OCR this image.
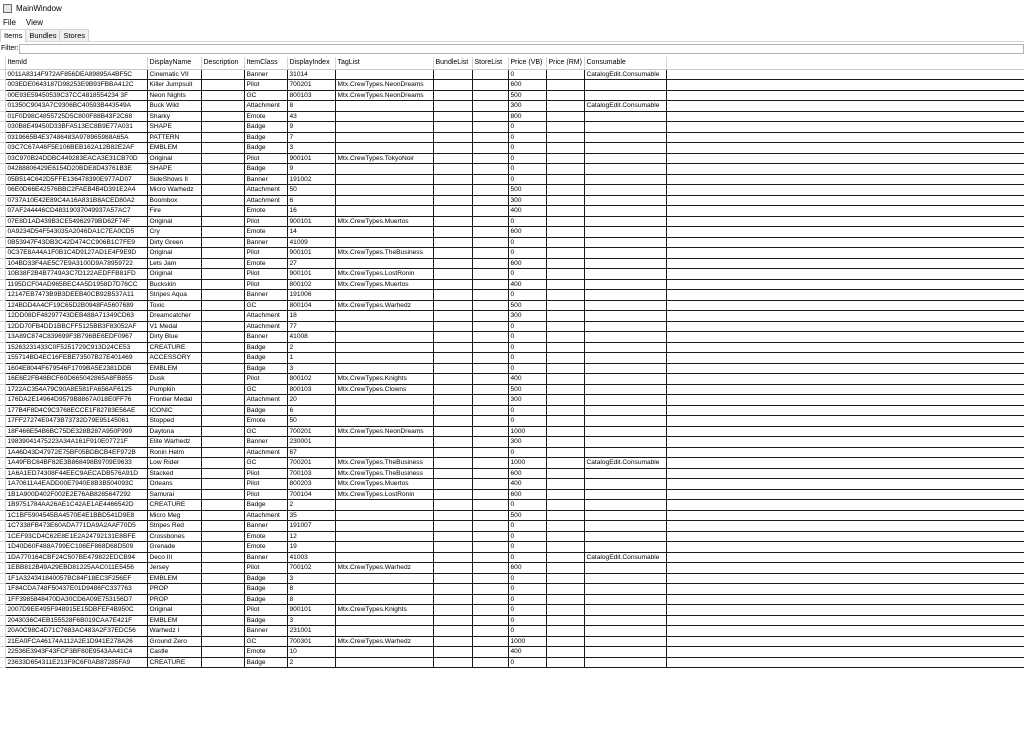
MainWindow
File	View
Items Bundles Stores
Filter:
	ItemId	DisplayName	Description	ItemClass	DisplayIndex	TagList	BundleList	StoreList	Price (VB)	Price (RM)	Consumable	
	0011A8314F972AF856DEA89895A4BF5C	Cinematic VII		Banner	31014				0		CatalogEdit.Consumable	
	003EDE0643187D98253E9B93FBBA412C	Killer Jumpsuit		Pilot	700201	Mtx.CrewTypes.NeonDreams			600			
	00E93E59450539C37CC4818554234 3F	Neon Nights		GC	800103	Mtx.CrewTypes.NeonDreams			500			
	01350C9043A7C9306BC40593B443549A	Buck Wild		Attachment	8				300		CatalogEdit.Consumable	
	01F0D98C4855725D5C800F88B43F2C68	Sharky		Emote	43				800			
	030B8E49450D33BFA513EC8B9E77A031	SHAPE		Badge	9				0			
	0319665B4E37486483A978965988A65A	PATTERN		Badge	7				0			
	03C7C67A46F5E106BEB162A12B82E2AF	EMBLEM		Badge	3				0			
	03C970B24DDBC449283EACA3E31CB70D	Original		Pilot	900101	Mtx.CrewTypes.TokyoNoir			0			
	04288806429E6154D20BDE8D43761B3E	SHAPE		Badge	9				0			
	05B514C642D5FFE136478390E977AD07	SideShows II		Banner	191002				0			
	06E0D66E42576BBC2FAEB4B4D391E2A4	Micro Warhedz		Attachment	50				500			
	0737A10E42E89C4A16A831B8ACED80A2	Boombox		Attachment	6				300			
	07AF244446CD48319037049937A57AC7	Fire		Emote	16				400			
	07E8D1AD439B3CE54962979BD62F74F	Original		Pilot	900101	Mtx.CrewTypes.Muertos			0			
	0A9234D54F543035A2046DA1C7EA0CD5	Cry		Emote	14				600			
	0B53947F43DB3C42D474CC906B1C7FE9	Dirty Green		Banner	41009				0			
	0C37E8A44A1F0B1C4D9127AD1E4F9E9D	Original		Pilot	900101	Mtx.CrewTypes.TheBusiness			0			
	104BD33F4AE5C7E9A3100D9A78959722	Lets Jam		Emote	27				600			
	10B38F2B4B7749A3C7D122AEDFFB81FD	Original		Pilot	900101	Mtx.CrewTypes.LostRonin			0			
	1195DCF04AD965BEC4A5D1958D7D76CC	Buckskin		Pilot	800102	Mtx.CrewTypes.Muertos			400			
	12147EB7473B9B3DEEB40CB92B537A11	Stripes Aqua		Banner	191006				0			
	124BDD4A4CF19C65D2B0948FA5607689	Toxic		GC	800104	Mtx.CrewTypes.Warhedz			500			
	12DD08DF48297743DEB488A71349CD63	Dreamcatcher		Attachment	18				300			
	12DD70FB4DD1BBCFF5125BB3F83052AF	V1 Medal		Attachment	77				0			
	13A89C874C839699F3B796BE6EDF0967	Dirty Blue		Banner	41008				0			
	15263231433C0F5251729C913D24CE53	CREATURE		Badge	2				0			
	155714BD4EC16FEBE73507B27E401469	ACCESSORY		Badge	1				0			
	1604E8044F679546F1709BA5E2381DDB	EMBLEM		Badge	3				0			
	16E6E2FB48BCF60D665042865A8FB855	Dusk		Pilot	800102	Mtx.CrewTypes.Knights			400			
	1722AC354A79C90A8E581FA656AF6125	Pumpkin		GC	800103	Mtx.CrewTypes.Clowns			500			
	176DA2E14964D9579B8867A018E0FF76	Frontier Medal		Attachment	20				300			
	177B4F8D4C9C3768ECCE1F82783E56AE	ICONIC		Badge	6				0			
	17FF27274E0473B73732D79E95145061	Stopped		Emote	50				0			
	18F466E54B6BC75DE328B287A950F999	Daytona		GC	700201	Mtx.CrewTypes.NeonDreams			1000			
	19839041475223A34A161F910E07721F	Elite Warhedz		Banner	230001				300			
	1A46D43D47972E75BF05BDBCB4EF972B	Ronin Helm		Attachment	67				0			
	1A49FBC64BF82E3B868498B9709E9633	Low Rider		GC	700201	Mtx.CrewTypes.TheBusiness			1000		CatalogEdit.Consumable	
	1A6A1ED74308F44EEC9AECADB576A91D	Stacked		Pilot	700103	Mtx.CrewTypes.TheBusiness			600			
	1A70611A4EADD00E7940E8B3B504093C	Orleans		Pilot	800203	Mtx.CrewTypes.Muertos			400			
	1B1A900D402F002E2E76AB8285647292	Samurai		Pilot	700104	Mtx.CrewTypes.LostRonin			600			
	1B9751784AA26AE1C42AE1AE4466542D	CREATURE		Badge	2				0			
	1C1BF5904545BA4570E4E1BBD541D9E8	Micro Meg		Attachment	35				500			
	1C7338FB473E60ADA771DA9A2AAF70D5	Stripes Red		Banner	191007				0			
	1CEF93CD4C62E8E1E2A24792131E8BFE	Crossbones		Emote	12				0			
	1D40D60F488A799EC106EF868D68D509	Grenade		Emote	19				0			
	1DA770164CBF24C507BE479822EDCB94	Deco III		Banner	41003				0		CatalogEdit.Consumable	
	1EBB812B49A29EBD81225AAC011E5456	Jersey		Pilot	700102	Mtx.CrewTypes.Warhedz			600			
	1F1A324341840057BC84F18EC3F256EF	EMBLEM		Badge	3				0			
	1F84CDA748F50437E01D9486FC337763	PROP		Badge	8				0			
	1FF3985848470DA30CD6A09E753156D7	PROP		Badge	8				0			
	2007D9EE495F948915E15DBFEF4B950C	Original		Pilot	900101	Mtx.CrewTypes.Knights			0			
	2043036C4EB155528F6B019CAA7E421F	EMBLEM		Badge	3				0			
	20A0C98C4D71C7683AC483A2F37EDC56	Warhedz I		Banner	231001				0			
	21EA0FCA46174A112A2E1D941E278A26	Ground Zero		GC	700301	Mtx.CrewTypes.Warhedz			1000			
	22536E3943F43FCF3BF80E9543AA41C4	Castle		Emote	10				400			
	23633D654311E213F9C6F0AB87285FA9	CREATURE		Badge	2				0			
